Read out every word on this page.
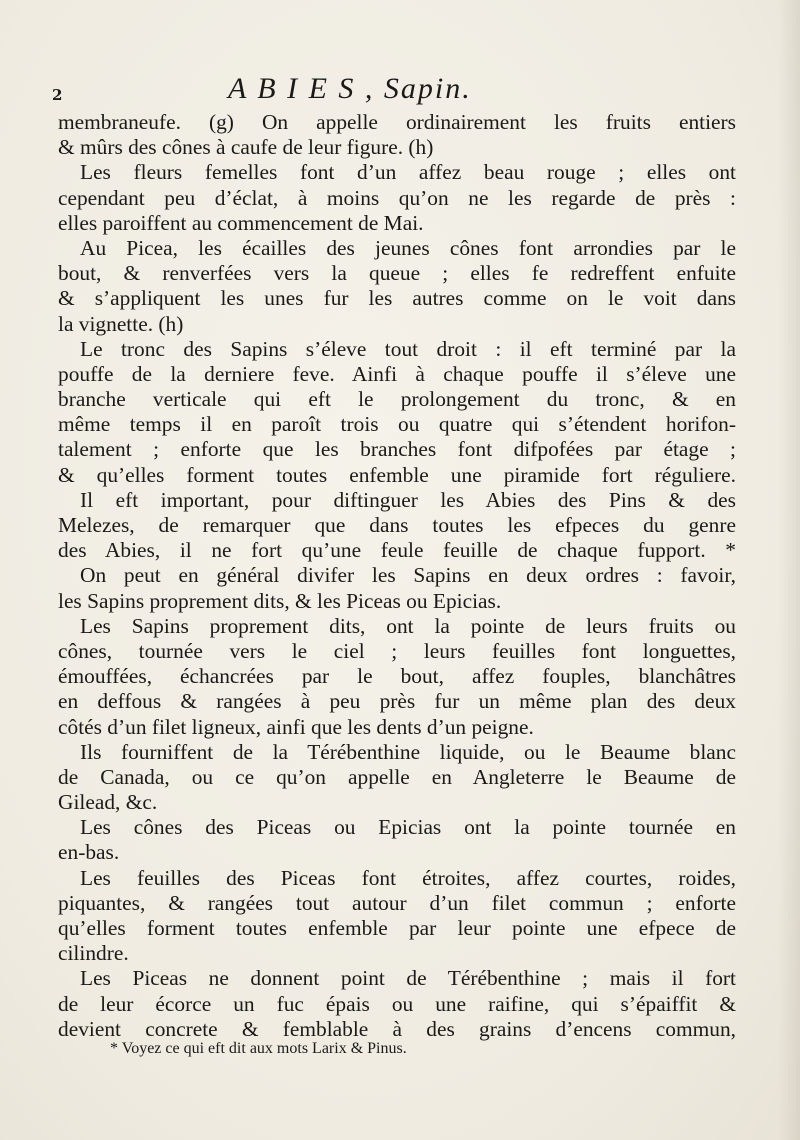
2	A B I E S , Sapin.
membraneufe. (g) On appelle ordinairement les fruits entiers
& mûrs des cônes à caufe de leur figure. (h)
Les fleurs femelles font d’un affez beau rouge ; elles ont
cependant peu d’éclat, à moins qu’on ne les regarde de près :
elles paroiffent au commencement de Mai.
Au Picea, les écailles des jeunes cônes font arrondies par le
bout, & renverfées vers la queue ; elles fe redreffent enfuite
& s’appliquent les unes fur les autres comme on le voit dans
la vignette. (h)
Le tronc des Sapins s’éleve tout droit : il eft terminé par la
pouffe de la derniere feve. Ainfi à chaque pouffe il s’éleve une
branche verticale qui eft le prolongement du tronc, & en
même temps il en paroît trois ou quatre qui s’étendent horifon-
talement ; enforte que les branches font difpofées par étage ;
& qu’elles forment toutes enfemble une piramide fort réguliere.
Il eft important, pour diftinguer les Abies des Pins & des
Melezes, de remarquer que dans toutes les efpeces du genre
des Abies, il ne fort qu’une feule feuille de chaque fupport. *
On peut en général divifer les Sapins en deux ordres : favoir,
les Sapins proprement dits, & les Piceas ou Epicias.
Les Sapins proprement dits, ont la pointe de leurs fruits ou
cônes, tournée vers le ciel ; leurs feuilles font longuettes,
émouffées, échancrées par le bout, affez fouples, blanchâtres
en deffous & rangées à peu près fur un même plan des deux
côtés d’un filet ligneux, ainfi que les dents d’un peigne.
Ils fourniffent de la Térébenthine liquide, ou le Beaume blanc
de Canada, ou ce qu’on appelle en Angleterre le Beaume de
Gilead, &c.
Les cônes des Piceas ou Epicias ont la pointe tournée en
en-bas.
Les feuilles des Piceas font étroites, affez courtes, roides,
piquantes, & rangées tout autour d’un filet commun ; enforte
qu’elles forment toutes enfemble par leur pointe une efpece de
cilindre.
Les Piceas ne donnent point de Térébenthine ; mais il fort
de leur écorce un fuc épais ou une raifine, qui s’épaiffit &
devient concrete & femblable à des grains d’encens commun,
* Voyez ce qui eft dit aux mots Larix & Pinus.
